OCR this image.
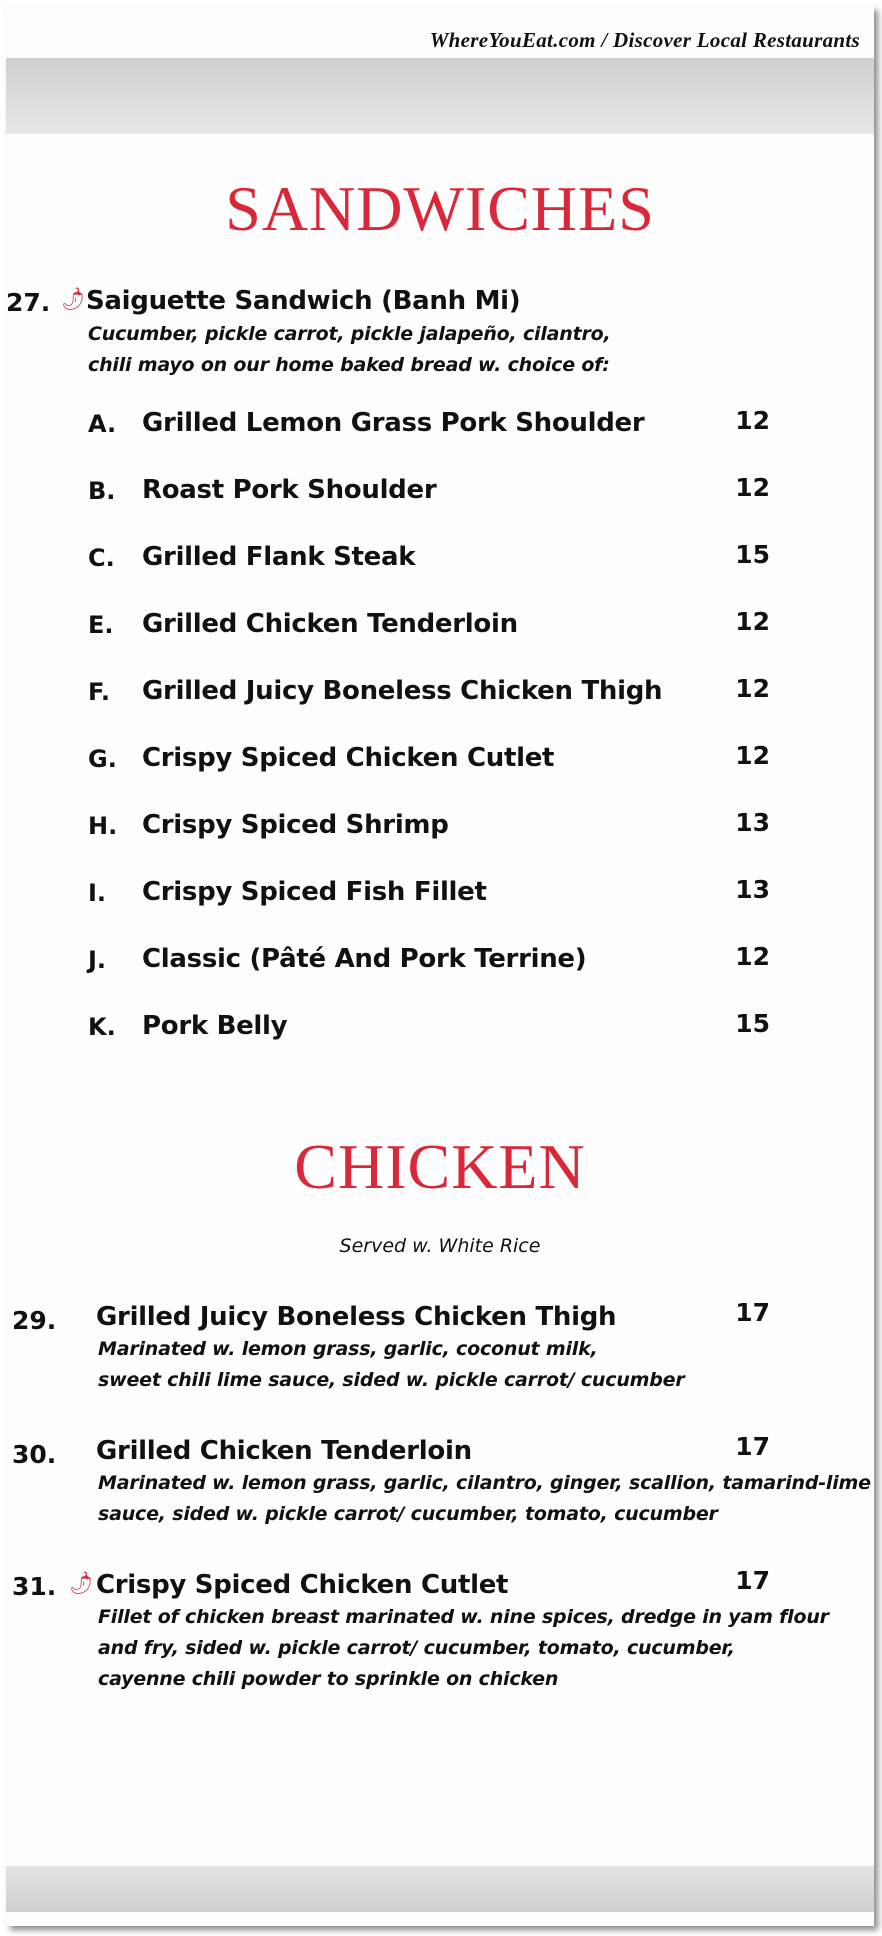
WhereYouEat.com / Discover Local Restaurants
SANDWICHES
27. 🌶︎
Saiguette Sandwich (Banh Mi)
Cucumber, pickle carrot, pickle jalapeño, cilantro,
chili mayo on our home baked bread w. choice of:
A. Grilled Lemon Grass Pork Shoulder	12
B. Roast Pork Shoulder	12
C. Grilled Flank Steak	15
E. Grilled Chicken Tenderloin	12
F. Grilled Juicy Boneless Chicken Thigh	12
G. Crispy Spiced Chicken Cutlet	12
H. Crispy Spiced Shrimp	13
I. Crispy Spiced Fish Fillet	13
J. Classic (Pâté And Pork Terrine)	12
K. Pork Belly	15
CHICKEN
Served w. White Rice
29. Grilled Juicy Boneless Chicken Thigh	17
Marinated w. lemon grass, garlic, coconut milk,
sweet chili lime sauce, sided w. pickle carrot/ cucumber
30. Grilled Chicken Tenderloin	17
Marinated w. lemon grass, garlic, cilantro, ginger, scallion, tamarind-lime
sauce, sided w. pickle carrot/ cucumber, tomato, cucumber
31. 🌶︎ Crispy Spiced Chicken Cutlet	17
Fillet of chicken breast marinated w. nine spices, dredge in yam flour
and fry, sided w. pickle carrot/ cucumber, tomato, cucumber,
cayenne chili powder to sprinkle on chicken
